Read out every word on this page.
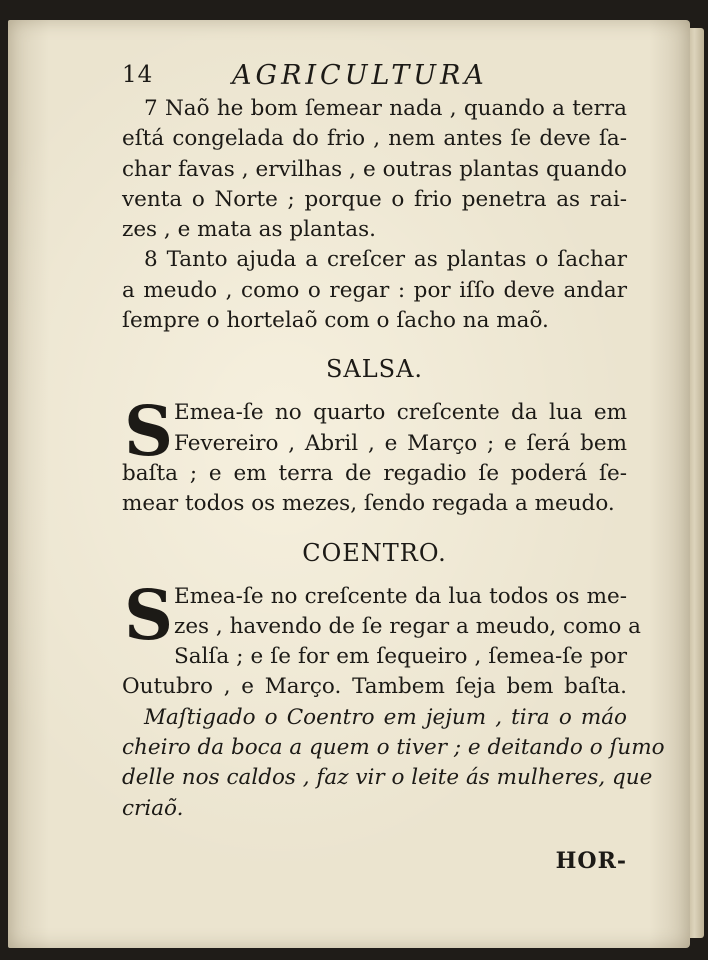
14	AGRICULTURA
7 Naõ he bom ſemear nada , quando a terra
eſtá congelada do frio , nem antes ſe deve ſa-
char favas , ervilhas , e outras plantas quando
venta o Norte ; porque o frio penetra as rai-
zes , e mata as plantas.
8 Tanto ajuda a creſcer as plantas o ſachar
a meudo , como o regar : por iſſo deve andar
ſempre o hortelaõ com o ſacho na maõ.
SALSA.
S Emea-ſe no quarto creſcente da lua em
Fevereiro , Abril , e Março ; e ſerá bem
baſta ; e em terra de regadio ſe poderá ſe-
mear todos os mezes, ſendo regada a meudo.
COENTRO.
S Emea-ſe no creſcente da lua todos os me-
zes , havendo de ſe regar a meudo, como a
Salſa ; e ſe for em ſequeiro , ſemea-ſe por
Outubro , e Março. Tambem ſeja bem baſta.
Maſtigado o Coentro em jejum , tira o máo
cheiro da boca a quem o tiver ; e deitando o ſumo
delle nos caldos , faz vir o leite ás mulheres, que
criaõ.
HOR-
